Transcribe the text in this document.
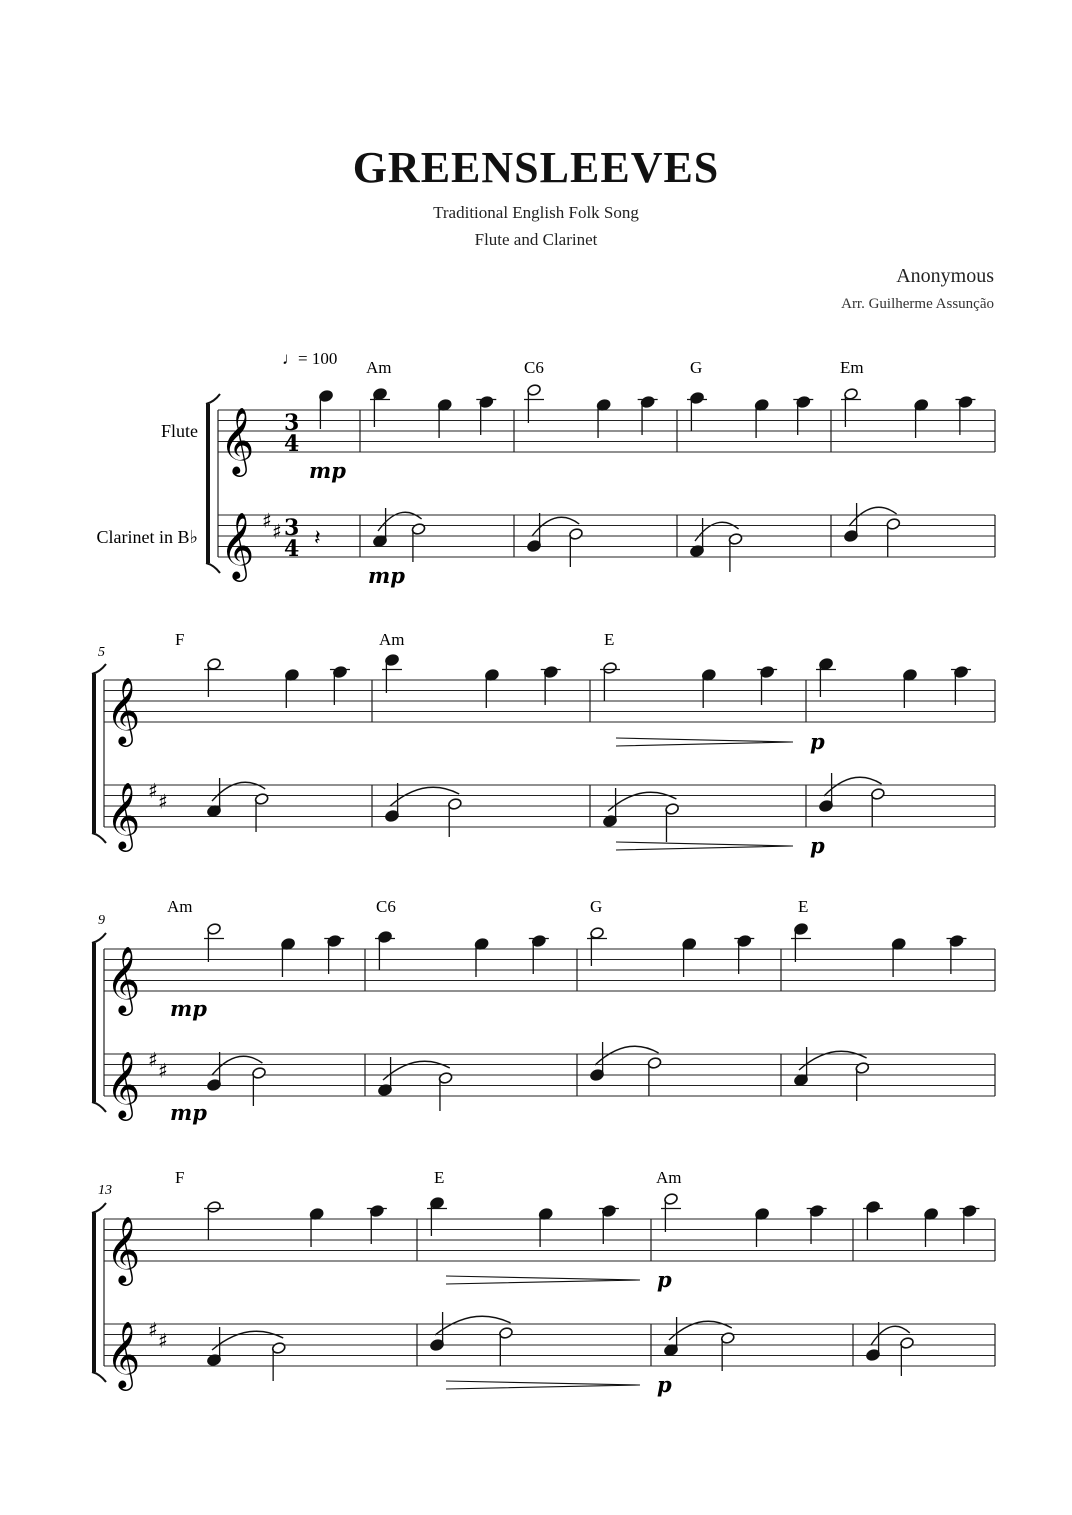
GREENSLEEVES
Traditional English Folk Song
Flute and Clarinet
Anonymous
Arr. Guilherme Assunção
♩ = 100
Flute
Clarinet in B♭
Am	C6	G	Em
5
F	Am	E
9
Am	C6	G	E
13
F	E	Am
mp
mp
p
p
mp
mp
p
p
𝄞 3
4
𝄞 ♯ ♯ 3
4 𝄽
𝄞
𝄞 ♯ ♯
𝄞
𝄞 ♯ ♯
𝄞
𝄞 ♯ ♯
